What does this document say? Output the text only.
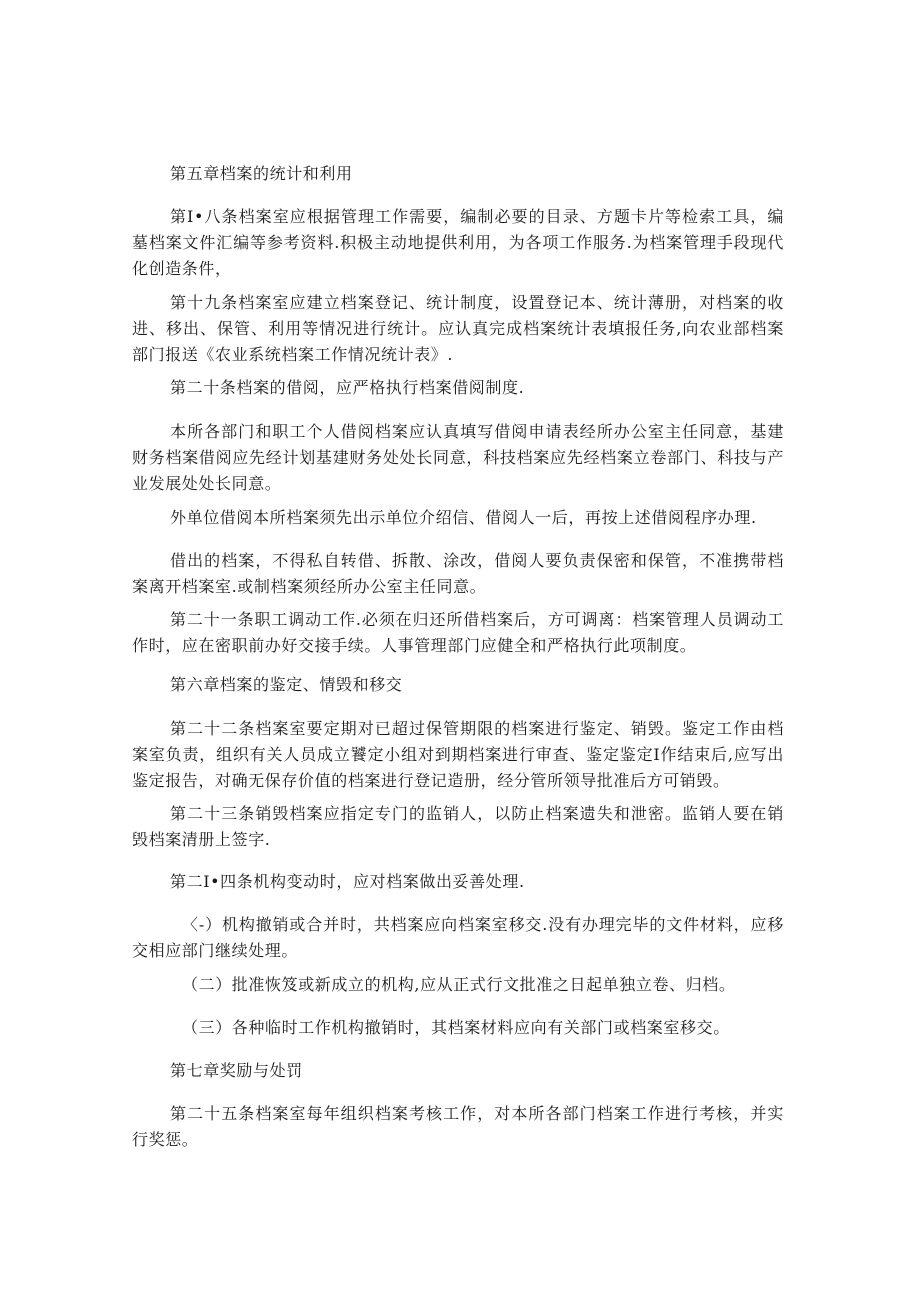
第五章档案的统计和利用

第I•八条档案室应根据管理工作需要，编制必要的目录、方题卡片等检索工具，编墓档案文件汇编等参考资料.积极主动地提供利用，为各项工作服务.为档案管理手段现代化创造条件，

第十九条档案室应建立档案登记、统计制度，设置登记本、统计薄册，对档案的收进、移出、保管、利用等情况进行统计。应认真完成档案统计表填报任务,向农业部档案部门报送《农业系统档案工作情况统计表》.

第二十条档案的借阅，应严格执行档案借阅制度.

本所各部门和职工个人借阅档案应认真填写借阅申请表经所办公室主任同意，基建财务档案借阅应先经计划基建财务处处长同意，科技档案应先经档案立卷部门、科技与产业发展处处长同意。

外单位借阅本所档案须先出示单位介绍信、借阅人一后，再按上述借阅程序办理.

借出的档案，不得私自转借、拆散、涂改，借阅人要负责保密和保管，不准携带档案离开档案室.或制档案须经所办公室主任同意。

第二十一条职工调动工作.必须在归还所借档案后，方可调离：档案管理人员调动工作时，应在密职前办好交接手续。人事管理部门应健全和严格执行此项制度。

第六章档案的鉴定、情毁和移交

第二十二条档案室要定期对已超过保管期限的档案进行鉴定、销毁。鉴定工作由档案室负责，组织有关人员成立饕定小组对到期档案进行审查、鉴定鉴定I作结束后,应写出鉴定报告，对确无保存价值的档案进行登记造册，经分管所领导批准后方可销毁。

第二十三条销毁档案应指定专门的监销人，以防止档案遗失和泄密。监销人要在销毁档案清册上签字.

第二I•四条机构变动时，应对档案做出妥善处理.

〈-）机构撤销或合并时，共档案应向档案室移交.没有办理完毕的文件材料，应移交相应部门继续处理。

（二）批准恢笈或新成立的机构,应从正式行文批准之日起单独立卷、归档。

（三）各种临时工作机构撤销时，其档案材料应向有关部门或档案室移交。

第七章奖励与处罚

第二十五条档案室每年组织档案考核工作，对本所各部门档案工作进行考核，并实行奖惩。
